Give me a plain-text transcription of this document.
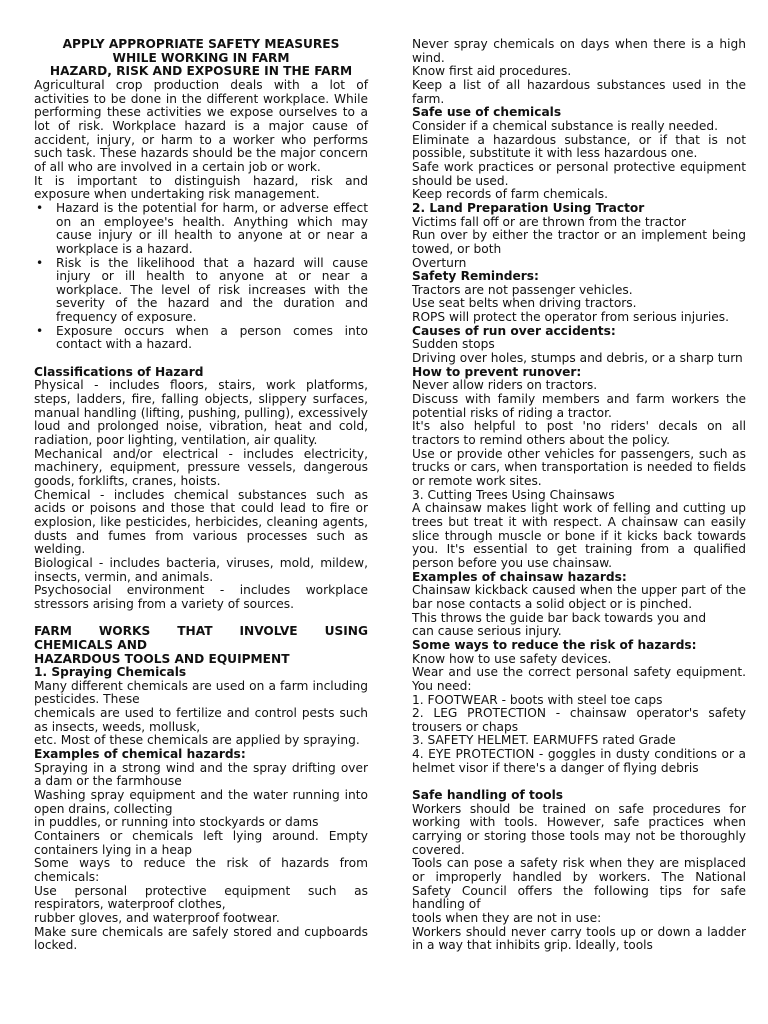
APPLY APPROPRIATE SAFETY MEASURES

WHILE WORKING IN FARM

HAZARD, RISK AND EXPOSURE IN THE FARM

Agricultural crop production deals with a lot of activities to be done in the different workplace. While performing these activities we expose ourselves to a lot of risk. Workplace hazard is a major cause of accident, injury, or harm to a worker who performs such task. These hazards should be the major concern of all who are involved in a certain job or work.

It is important to distinguish hazard, risk and exposure when undertaking risk management.

• Hazard is the potential for harm, or adverse effect on an employee's health. Anything which may cause injury or ill health to anyone at or near a workplace is a hazard.
• Risk is the likelihood that a hazard will cause injury or ill health to anyone at or near a workplace. The level of risk increases with the severity of the hazard and the duration and frequency of exposure.
• Exposure occurs when a person comes into contact with a hazard.

Classifications of Hazard

Physical - includes floors, stairs, work platforms, steps, ladders, fire, falling objects, slippery surfaces, manual handling (lifting, pushing, pulling), excessively loud and prolonged noise, vibration, heat and cold, radiation, poor lighting, ventilation, air quality.

Mechanical and/or electrical - includes electricity, machinery, equipment, pressure vessels, dangerous goods, forklifts, cranes, hoists.

Chemical - includes chemical substances such as acids or poisons and those that could lead to fire or explosion, like pesticides, herbicides, cleaning agents, dusts and fumes from various processes such as welding.

Biological - includes bacteria, viruses, mold, mildew, insects, vermin, and animals.

Psychosocial environment - includes workplace stressors arising from a variety of sources.

FARM WORKS THAT INVOLVE USING

CHEMICALS AND

HAZARDOUS TOOLS AND EQUIPMENT

1. Spraying Chemicals

Many different chemicals are used on a farm including pesticides. These

chemicals are used to fertilize and control pests such as insects, weeds, mollusk,

etc. Most of these chemicals are applied by spraying.

Examples of chemical hazards:

Spraying in a strong wind and the spray drifting over a dam or the farmhouse

Washing spray equipment and the water running into open drains, collecting

in puddles, or running into stockyards or dams

Containers or chemicals left lying around. Empty containers lying in a heap

Some ways to reduce the risk of hazards from chemicals:

Use personal protective equipment such as respirators, waterproof clothes,

rubber gloves, and waterproof footwear.

Make sure chemicals are safely stored and cupboards locked.

Never spray chemicals on days when there is a high wind.

Know first aid procedures.

Keep a list of all hazardous substances used in the farm.

Safe use of chemicals

Consider if a chemical substance is really needed.

Eliminate a hazardous substance, or if that is not possible, substitute it with less hazardous one.

Safe work practices or personal protective equipment should be used.

Keep records of farm chemicals.

2. Land Preparation Using Tractor

Victims fall off or are thrown from the tractor

Run over by either the tractor or an implement being towed, or both

Overturn

Safety Reminders:

Tractors are not passenger vehicles.

Use seat belts when driving tractors.

ROPS will protect the operator from serious injuries.

Causes of run over accidents:

Sudden stops

Driving over holes, stumps and debris, or a sharp turn

How to prevent runover:

Never allow riders on tractors.

Discuss with family members and farm workers the potential risks of riding a tractor.

It's also helpful to post 'no riders' decals on all tractors to remind others about the policy.

Use or provide other vehicles for passengers, such as trucks or cars, when transportation is needed to fields or remote work sites.

3. Cutting Trees Using Chainsaws

A chainsaw makes light work of felling and cutting up trees but treat it with respect. A chainsaw can easily slice through muscle or bone if it kicks back towards you. It's essential to get training from a qualified person before you use chainsaw.

Examples of chainsaw hazards:

Chainsaw kickback caused when the upper part of the bar nose contacts a solid object or is pinched.

This throws the guide bar back towards you and

can cause serious injury.

Some ways to reduce the risk of hazards:

Know how to use safety devices.

Wear and use the correct personal safety equipment. You need:

1. FOOTWEAR - boots with steel toe caps

2. LEG PROTECTION - chainsaw operator's safety trousers or chaps

3. SAFETY HELMET. EARMUFFS rated Grade

4. EYE PROTECTION - goggles in dusty conditions or a helmet visor if there's a danger of flying debris

Safe handling of tools

Workers should be trained on safe procedures for working with tools. However, safe practices when carrying or storing those tools may not be thoroughly covered.

Tools can pose a safety risk when they are misplaced or improperly handled by workers. The National Safety Council offers the following tips for safe handling of

tools when they are not in use:

Workers should never carry tools up or down a ladder in a way that inhibits grip. Ideally, tools
